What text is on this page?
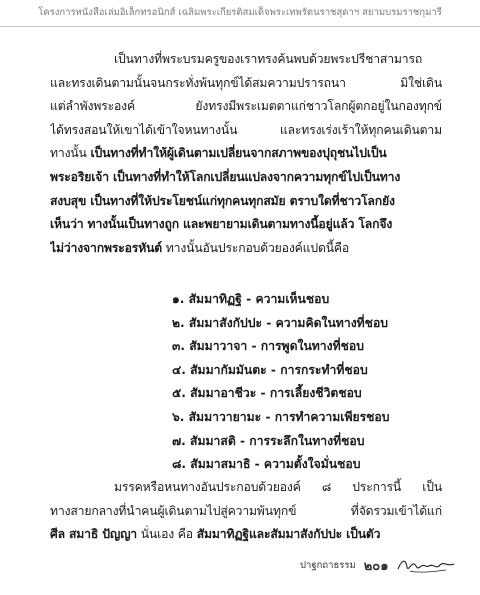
โครงการหนังสือเล่มอิเล็กทรอนิกส์ เฉลิมพระเกียรติสมเด็จพระเทพรัตนราชสุดาฯ สยามบรมราชกุมารี
เป็นทางที่พระบรมครูของเราทรงค้นพบด้วยพระปรีชาสามารถ
และทรงเดินตามนั้นจนกระทั่งพ้นทุกข์ได้สมความปรารถนา มิใช่เดิน
แต่ลำพังพระองค์ ยังทรงมีพระเมตตาแก่ชาวโลกผู้ตกอยู่ในกองทุกข์
ได้ทรงสอนให้เขาได้เข้าใจหนทางนั้น และทรงเร่งเร้าให้ทุกคนเดินตาม
ทางนั้น เป็นทางที่ทำให้ผู้เดินตามเปลี่ยนจากสภาพของปุถุชนไปเป็น
พระอริยเจ้า เป็นทางที่ทำให้โลกเปลี่ยนแปลงจากความทุกข์ไปเป็นทาง
สงบสุข เป็นทางที่ให้ประโยชน์แก่ทุกคนทุกสมัย ตราบใดที่ชาวโลกยัง
เห็นว่า ทางนั้นเป็นทางถูก และพยายามเดินตามทางนี้อยู่แล้ว โลกจึง
ไม่ว่างจากพระอรหันต์ ทางนั้นอันประกอบด้วยองค์แปดนี้คือ
๑. สัมมาทิฏฐิ - ความเห็นชอบ
๒. สัมมาสังกัปปะ - ความคิดในทางที่ชอบ
๓. สัมมาวาจา - การพูดในทางที่ชอบ
๔. สัมมากัมมันตะ - การกระทำที่ชอบ
๕. สัมมาอาชีวะ - การเลี้ยงชีวิตชอบ
๖. สัมมาวายามะ - การทำความเพียรชอบ
๗. สัมมาสติ - การระลึกในทางที่ชอบ
๘. สัมมาสมาธิ - ความตั้งใจมั่นชอบ
มรรคหรือหนทางอันประกอบด้วยองค์ ๘ ประการนี้ เป็น
ทางสายกลางที่นำคนผู้เดินตามไปสู่ความพ้นทุกข์ ที่จัดรวมเข้าได้แก่
ศีล สมาธิ ปัญญา นั่นเอง คือ สัมมาทิฏฐิและสัมมาสังกัปปะ เป็นตัว
ปาฐกถาธรรม ๒๐๑
